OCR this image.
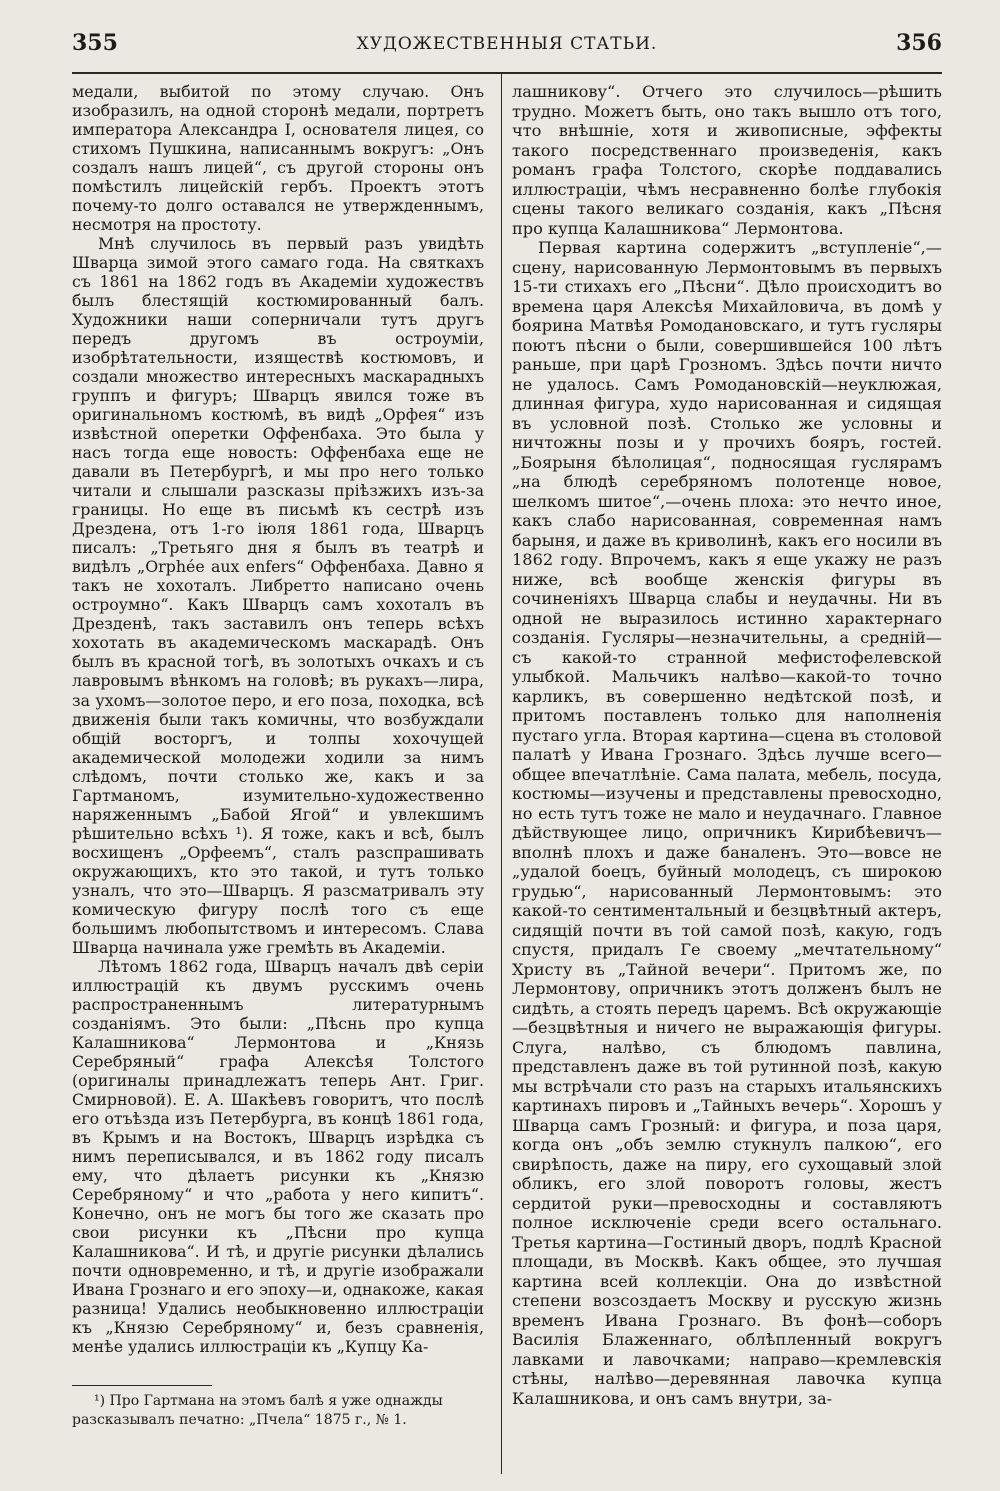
355	ХУДОЖЕСТВЕННЫЯ СТАТЬИ.	356

медали, выбитой по этому случаю. Онъ изобразилъ, на одной сторонѣ медали, портретъ императора Александра I, основателя лицея, со стихомъ Пушкина, написаннымъ вокругъ: „Онъ создалъ нашъ лицей“, съ другой стороны онъ помѣстилъ лицейскій гербъ. Проектъ этотъ почему-то долго оставался не утвержденнымъ, несмотря на простоту.

Мнѣ случилось въ первый разъ увидѣть Шварца зимой этого самаго года. На святкахъ съ 1861 на 1862 годъ въ Академіи художествъ былъ блестящій костюмированный балъ. Художники наши соперничали тутъ другъ передъ другомъ въ остроуміи, изобрѣтательности, изяществѣ костюмовъ, и создали множество интересныхъ маскарадныхъ группъ и фигуръ; Шварцъ явился тоже въ оригинальномъ костюмѣ, въ видѣ „Орфея“ изъ извѣстной оперетки Оффенбаха. Это была у насъ тогда еще новость: Оффенбаха еще не давали въ Петербургѣ, и мы про него только читали и слышали разсказы пріѣзжихъ изъ-за границы. Но еще въ письмѣ къ сестрѣ изъ Дрездена, отъ 1-го іюля 1861 года, Шварцъ писалъ: „Третьяго дня я былъ въ театрѣ и видѣлъ „Orphée aux enfers“ Оффенбаха. Давно я такъ не хохоталъ. Либретто написано очень остроумно“. Какъ Шварцъ самъ хохоталъ въ Дрезденѣ, такъ заставилъ онъ теперь всѣхъ хохотать въ академическомъ маскарадѣ. Онъ былъ въ красной тогѣ, въ золотыхъ очкахъ и съ лавровымъ вѣнкомъ на головѣ; въ рукахъ—лира, за ухомъ—золотое перо, и его поза, походка, всѣ движенія были такъ комичны, что возбуждали общій восторгъ, и толпы хохочущей академической молодежи ходили за нимъ слѣдомъ, почти столько же, какъ и за Гартманомъ, изумительно-художественно наряженнымъ „Бабой Ягой“ и увлекшимъ рѣшительно всѣхъ ¹). Я тоже, какъ и всѣ, былъ восхищенъ „Орфеемъ“, сталъ разспрашивать окружающихъ, кто это такой, и тутъ только узналъ, что это—Шварцъ. Я разсматривалъ эту комическую фигуру послѣ того съ еще большимъ любопытствомъ и интересомъ. Слава Шварца начинала уже гремѣть въ Академіи.

Лѣтомъ 1862 года, Шварцъ началъ двѣ серіи иллюстрацій къ двумъ русскимъ очень распространеннымъ литературнымъ созданіямъ. Это были: „Пѣснь про купца Калашникова“ Лермонтова и „Князь Серебряный“ графа Алексѣя Толстого (оригиналы принадлежатъ теперь Ант. Григ. Смирновой). Е. А. Шакѣевъ говоритъ, что послѣ его отъѣзда изъ Петербурга, въ концѣ 1861 года, въ Крымъ и на Востокъ, Шварцъ изрѣдка съ нимъ переписывался, и въ 1862 году писалъ ему, что дѣлаетъ рисунки къ „Князю Серебряному“ и что „работа у него кипитъ“. Конечно, онъ не могъ бы того же сказать про свои рисунки къ „Пѣсни про купца Калашникова“. И тѣ, и другіе рисунки дѣлались почти одновременно, и тѣ, и другіе изображали Ивана Грознаго и его эпоху—и, однакоже, какая разница! Удались необыкновенно иллюстраціи къ „Князю Серебряному“ и, безъ сравненія, менѣе удались иллюстраціи къ „Купцу Ка-

лашникову“. Отчего это случилось—рѣшить трудно. Можетъ быть, оно такъ вышло отъ того, что внѣшніе, хотя и живописные, эффекты такого посредственнаго произведенія, какъ романъ графа Толстого, скорѣе поддавались иллюстраціи, чѣмъ несравненно болѣе глубокія сцены такого великаго созданія, какъ „Пѣсня про купца Калашникова“ Лермонтова.

Первая картина содержитъ „вступленіе“,—сцену, нарисованную Лермонтовымъ въ первыхъ 15-ти стихахъ его „Пѣсни“. Дѣло происходитъ во времена царя Алексѣя Михайловича, въ домѣ у боярина Матвѣя Ромодановскаго, и тутъ гусляры поютъ пѣсни о были, совершившейся 100 лѣтъ раньше, при царѣ Грозномъ. Здѣсь почти ничто не удалось. Самъ Ромодановскій—неуклюжая, длинная фигура, худо нарисованная и сидящая въ условной позѣ. Столько же условны и ничтожны позы и у прочихъ бояръ, гостей. „Боярыня бѣлолицая“, подносящая гуслярамъ „на блюдѣ серебряномъ полотенце новое, шелкомъ шитое“,—очень плоха: это нечто иное, какъ слабо нарисованная, современная намъ барыня, и даже въ криволинѣ, какъ его носили въ 1862 году. Впрочемъ, какъ я еще укажу не разъ ниже, всѣ вообще женскія фигуры въ сочиненіяхъ Шварца слабы и неудачны. Ни въ одной не выразилось истинно характернаго созданія. Гусляры—незначительны, а средній—съ какой-то странной мефистофелевской улыбкой. Мальчикъ налѣво—какой-то точно карликъ, въ совершенно недѣтской позѣ, и притомъ поставленъ только для наполненія пустаго угла. Вторая картина—сцена въ столовой палатѣ у Ивана Грознаго. Здѣсь лучше всего—общее впечатлѣніе. Сама палата, мебель, посуда, костюмы—изучены и представлены превосходно, но есть тутъ тоже не мало и неудачнаго. Главное дѣйствующее лицо, опричникъ Кирибѣевичъ—вполнѣ плохъ и даже баналенъ. Это—вовсе не „удалой боецъ, буйный молодецъ, съ широкою грудью“, нарисованный Лермонтовымъ: это какой-то сентиментальный и безцвѣтный актеръ, сидящій почти въ той самой позѣ, какую, годъ спустя, придалъ Ге своему „мечтательному“ Христу въ „Тайной вечери“. Притомъ же, по Лермонтову, опричникъ этотъ долженъ былъ не сидѣть, а стоять передъ царемъ. Всѣ окружающіе—безцвѣтныя и ничего не выражающія фигуры. Слуга, налѣво, съ блюдомъ павлина, представленъ даже въ той рутинной позѣ, какую мы встрѣчали сто разъ на старыхъ итальянскихъ картинахъ пировъ и „Тайныхъ вечерь“. Хорошъ у Шварца самъ Грозный: и фигура, и поза царя, когда онъ „объ землю стукнулъ палкою“, его свирѣпость, даже на пиру, его сухощавый злой обликъ, его злой поворотъ головы, жестъ сердитой руки—превосходны и составляютъ полное исключеніе среди всего остальнаго. Третья картина—Гостиный дворъ, подлѣ Красной площади, въ Москвѣ. Какъ общее, это лучшая картина всей коллекціи. Она до извѣстной степени возсоздаетъ Москву и русскую жизнь временъ Ивана Грознаго. Въ фонѣ—соборъ Василія Блаженнаго, облѣпленный вокругъ лавками и лавочками; направо—кремлевскія стѣны, налѣво—деревянная лавочка купца Калашникова, и онъ самъ внутри, за-

¹) Про Гартмана на этомъ балѣ я уже однажды разсказывалъ печатно: „Пчела“ 1875 г., № 1.
